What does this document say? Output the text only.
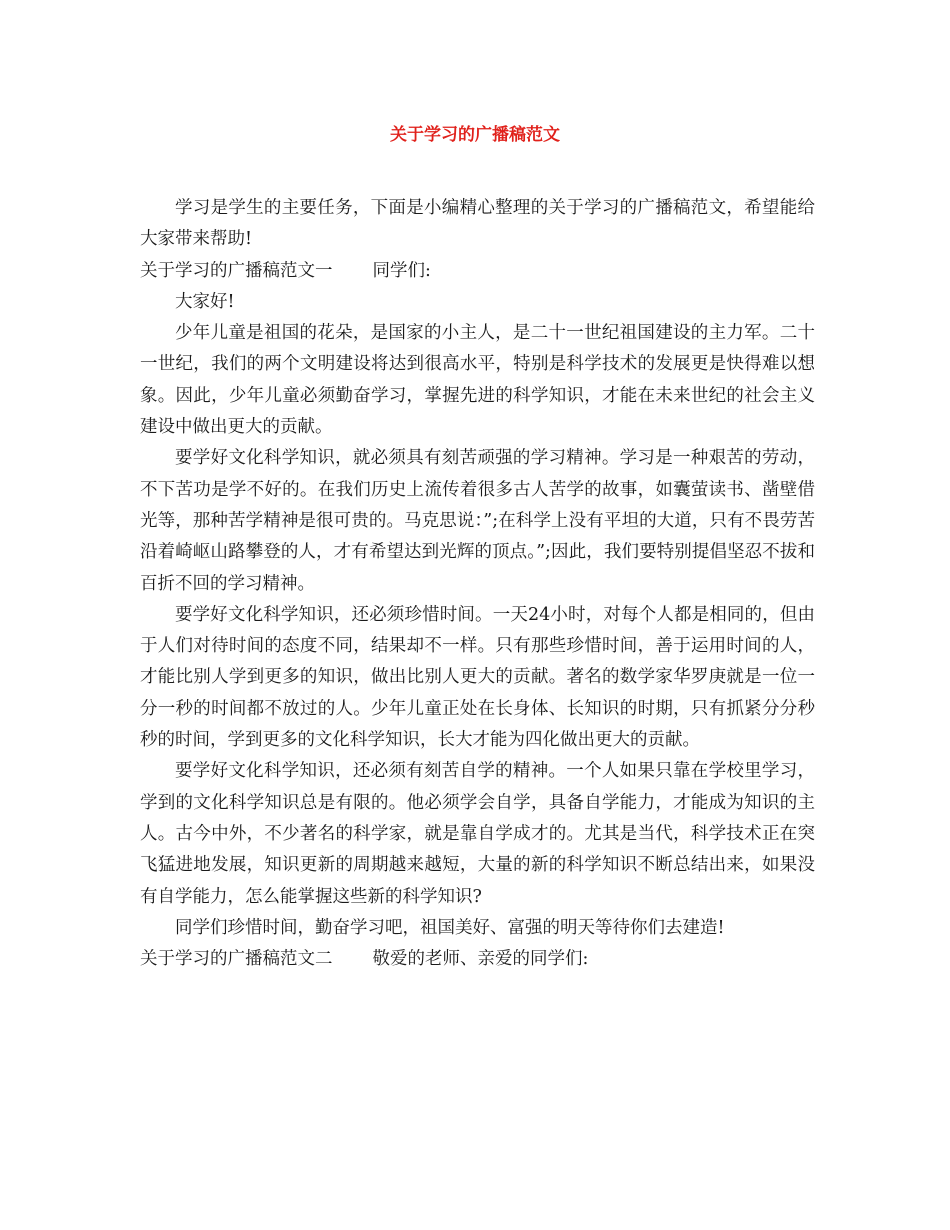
关于学习的广播稿范文

学习是学生的主要任务，下面是小编精心整理的关于学习的广播稿范文，希望能给大家带来帮助!

关于学习的广播稿范文一 同学们:

大家好!

少年儿童是祖国的花朵，是国家的小主人，是二十一世纪祖国建设的主力军。二十一世纪，我们的两个文明建设将达到很高水平，特别是科学技术的发展更是快得难以想象。因此，少年儿童必须勤奋学习，掌握先进的科学知识，才能在未来世纪的社会主义建设中做出更大的贡献。

要学好文化科学知识，就必须具有刻苦顽强的学习精神。学习是一种艰苦的劳动，不下苦功是学不好的。在我们历史上流传着很多古人苦学的故事，如囊萤读书、凿壁借光等，那种苦学精神是很可贵的。马克思说：”;在科学上没有平坦的大道，只有不畏劳苦沿着崎岖山路攀登的人，才有希望达到光辉的顶点。”;因此，我们要特别提倡坚忍不拔和百折不回的学习精神。

要学好文化科学知识，还必须珍惜时间。一天24小时，对每个人都是相同的，但由于人们对待时间的态度不同，结果却不一样。只有那些珍惜时间，善于运用时间的人，才能比别人学到更多的知识，做出比别人更大的贡献。著名的数学家华罗庚就是一位一分一秒的时间都不放过的人。少年儿童正处在长身体、长知识的时期，只有抓紧分分秒秒的时间，学到更多的文化科学知识，长大才能为四化做出更大的贡献。

要学好文化科学知识，还必须有刻苦自学的精神。一个人如果只靠在学校里学习，学到的文化科学知识总是有限的。他必须学会自学，具备自学能力，才能成为知识的主人。古今中外，不少著名的科学家，就是靠自学成才的。尤其是当代，科学技术正在突飞猛进地发展，知识更新的周期越来越短，大量的新的科学知识不断总结出来，如果没有自学能力，怎么能掌握这些新的科学知识?

同学们珍惜时间，勤奋学习吧，祖国美好、富强的明天等待你们去建造!

关于学习的广播稿范文二 敬爱的老师、亲爱的同学们:
